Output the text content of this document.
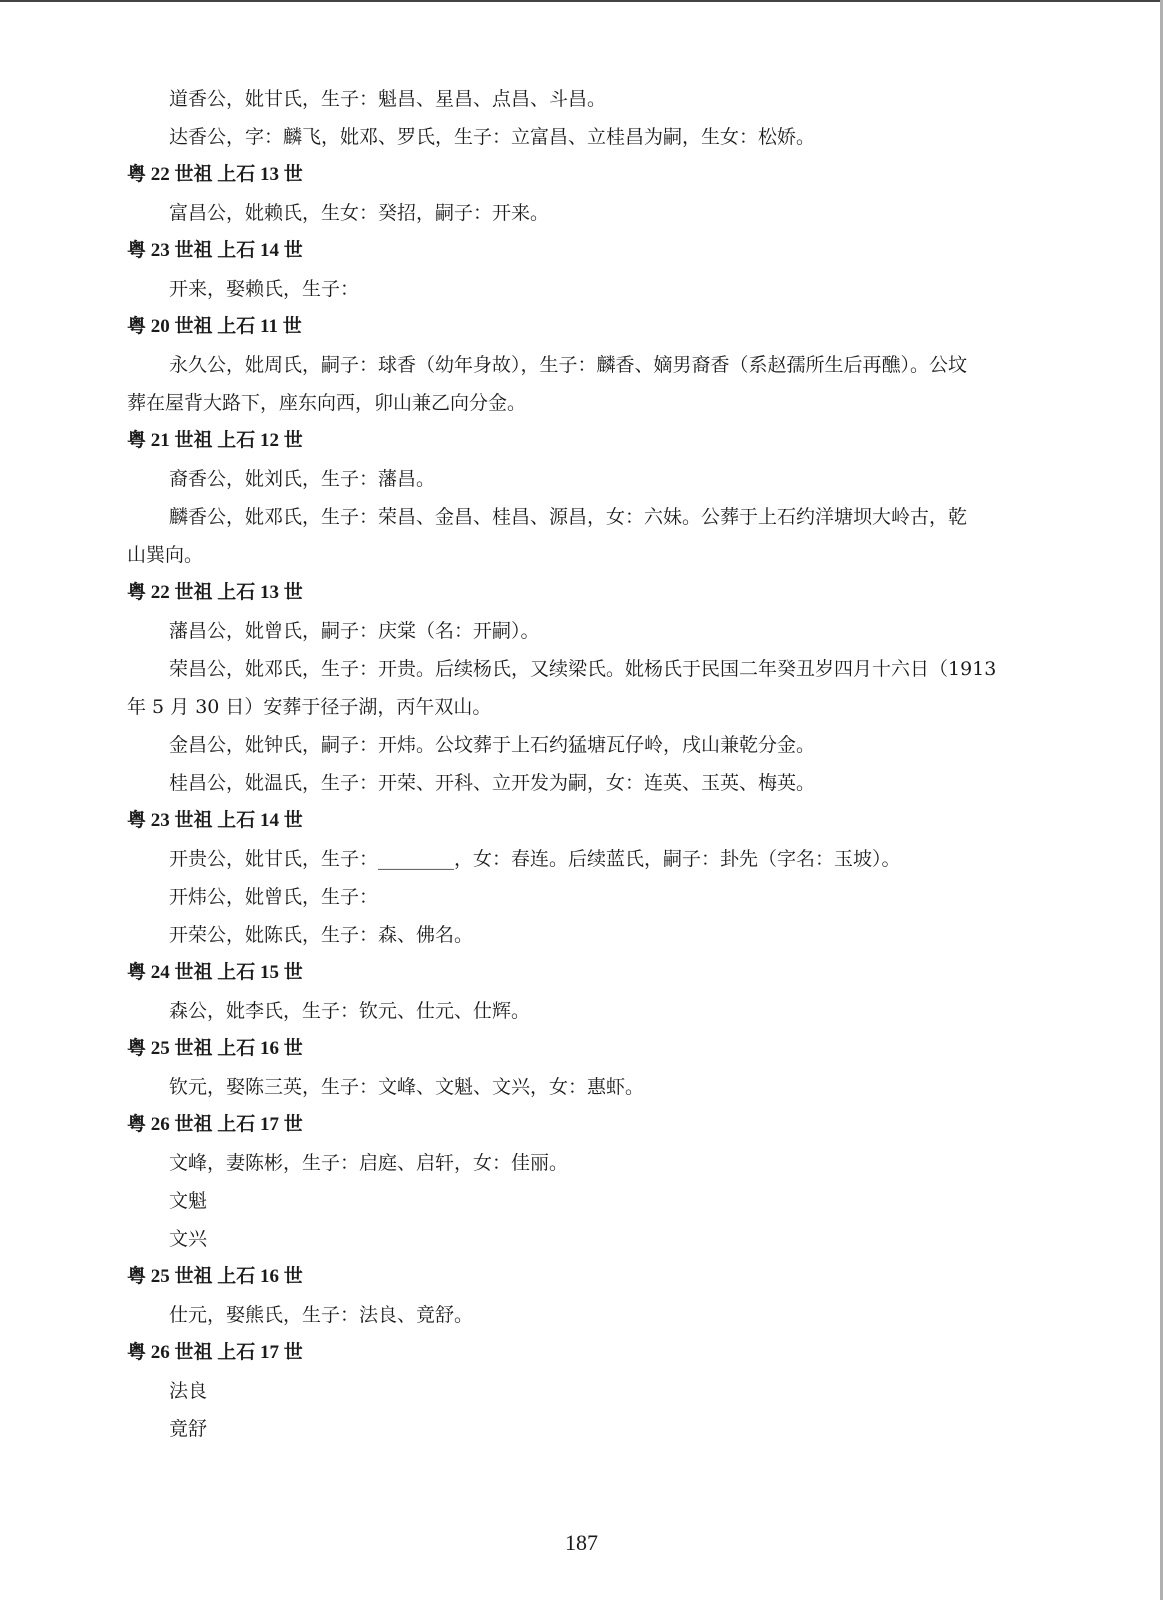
道香公，妣甘氏，生子：魁昌、星昌、点昌、斗昌。
达香公，字：麟飞，妣邓、罗氏，生子：立富昌、立桂昌为嗣，生女：松娇。
粤 22 世祖 上石 13 世
富昌公，妣赖氏，生女：癸招，嗣子：开来。
粤 23 世祖 上石 14 世
开来，娶赖氏，生子：
粤 20 世祖 上石 11 世
永久公，妣周氏，嗣子：球香（幼年身故），生子：麟香、嫡男裔香（系赵孺所生后再醮）。公坟
葬在屋背大路下，座东向西，卯山兼乙向分金。
粤 21 世祖 上石 12 世
裔香公，妣刘氏，生子：藩昌。
麟香公，妣邓氏，生子：荣昌、金昌、桂昌、源昌，女：六妹。公葬于上石约洋塘坝大岭古，乾
山巽向。
粤 22 世祖 上石 13 世
藩昌公，妣曾氏，嗣子：庆棠（名：开嗣）。
荣昌公，妣邓氏，生子：开贵。后续杨氏，又续梁氏。妣杨氏于民国二年癸丑岁四月十六日（1913
年 5 月 30 日）安葬于径子湖，丙午双山。
金昌公，妣钟氏，嗣子：开炜。公坟葬于上石约猛塘瓦仔岭，戌山兼乾分金。
桂昌公，妣温氏，生子：开荣、开科、立开发为嗣，女：连英、玉英、梅英。
粤 23 世祖 上石 14 世
开贵公，妣甘氏，生子：________，女：春连。后续蓝氏，嗣子：卦先（字名：玉坡）。
开炜公，妣曾氏，生子：
开荣公，妣陈氏，生子：森、佛名。
粤 24 世祖 上石 15 世
森公，妣李氏，生子：钦元、仕元、仕辉。
粤 25 世祖 上石 16 世
钦元，娶陈三英，生子：文峰、文魁、文兴，女：惠虾。
粤 26 世祖 上石 17 世
文峰，妻陈彬，生子：启庭、启轩，女：佳丽。
文魁
文兴
粤 25 世祖 上石 16 世
仕元，娶熊氏，生子：法良、竟舒。
粤 26 世祖 上石 17 世
法良
竟舒
187
